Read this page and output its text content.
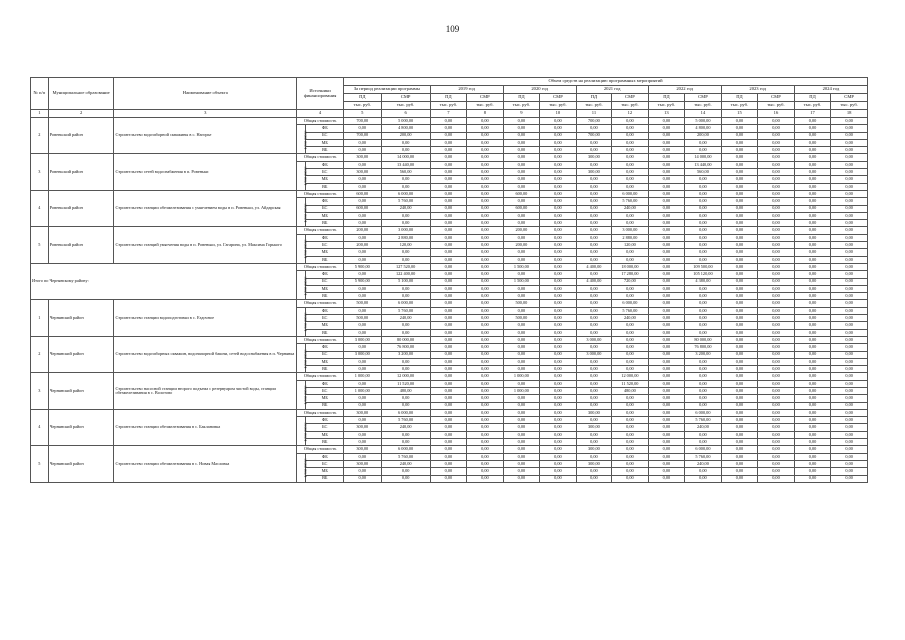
109
№ п/п	Муниципальное образование	Наименование объекта	Источники финансирования		Объем средств на реализацию программных мероприятий													
					За период реализации программы		2019 год		2020 год		2021 год		2022 год		2023 год		2024 год	
					ПД	СМР	ПД	СМР	ПД	СМР	ПД	СМР	ПД	СМР	ПД	СМР	ПД	СМР
					тыс. руб.	тыс. руб.	тыс. руб.	тыс. руб.	тыс. руб.	тыс. руб.	тыс. руб.	тыс. руб.	тыс. руб.	тыс. руб.	тыс. руб.	тыс. руб.	тыс. руб.	тыс. руб.
1	2	3	4		5	6	7	8	9	10	11	12	13	14	15	16	17	18
2	Ровеньский район	Строительство водозаборной скважины в с. Нагорье	Общая стоимость		700,00	5 000,00	0,00	0,00	0,00	0,00	700,00	0,00	0,00	5 000,00	0,00	0,00	0,00	0,00
			в том числе:	ФБ	0,00	4 800,00	0,00	0,00	0,00	0,00	0,00	0,00	0,00	4 800,00	0,00	0,00	0,00	0,00
				БС	700,00	200,00	0,00	0,00	0,00	0,00	700,00	0,00	0,00	200,00	0,00	0,00	0,00	0,00
				МБ	0,00	0,00	0,00	0,00	0,00	0,00	0,00	0,00	0,00	0,00	0,00	0,00	0,00	0,00
				ВБ	0,00	0,00	0,00	0,00	0,00	0,00	0,00	0,00	0,00	0,00	0,00	0,00	0,00	0,00
3	Ровеньский район	Строительство сетей водоснабжения в п. Ровеньки	Общая стоимость		300,00	14 000,00	0,00	0,00	0,00	0,00	300,00	0,00	0,00	14 000,00	0,00	0,00	0,00	0,00
			в том числе:	ФБ	0,00	13 440,00	0,00	0,00	0,00	0,00	0,00	0,00	0,00	13 440,00	0,00	0,00	0,00	0,00
				БС	300,00	560,00	0,00	0,00	0,00	0,00	300,00	0,00	0,00	560,00	0,00	0,00	0,00	0,00
				МБ	0,00	0,00	0,00	0,00	0,00	0,00	0,00	0,00	0,00	0,00	0,00	0,00	0,00	0,00
				ВБ	0,00	0,00	0,00	0,00	0,00	0,00	0,00	0,00	0,00	0,00	0,00	0,00	0,00	0,00
4	Ровеньский район	Строительство станции обезжелезивания с умягчением воды в п. Ровеньки, ул. Айдарская	Общая стоимость		600,00	6 000,00	0,00	0,00	600,00	0,00	0,00	6 000,00	0,00	0,00	0,00	0,00	0,00	0,00
			в том числе:	ФБ	0,00	5 760,00	0,00	0,00	0,00	0,00	0,00	5 760,00	0,00	0,00	0,00	0,00	0,00	0,00
				БС	600,00	240,00	0,00	0,00	600,00	0,00	0,00	240,00	0,00	0,00	0,00	0,00	0,00	0,00
				МБ	0,00	0,00	0,00	0,00	0,00	0,00	0,00	0,00	0,00	0,00	0,00	0,00	0,00	0,00
				ВБ	0,00	0,00	0,00	0,00	0,00	0,00	0,00	0,00	0,00	0,00	0,00	0,00	0,00	0,00
5	Ровеньский район	Строительство станций умягчения воды в п. Ровеньки, ул. Гагарина, ул. Максима Горького	Общая стоимость		200,00	3 000,00	0,00	0,00	200,00	0,00	0,00	3 000,00	0,00	0,00	0,00	0,00	0,00	0,00
			в том числе:	ФБ	0,00	2 880,00	0,00	0,00	0,00	0,00	0,00	2 880,00	0,00	0,00	0,00	0,00	0,00	0,00
				БС	200,00	120,00	0,00	0,00	200,00	0,00	0,00	120,00	0,00	0,00	0,00	0,00	0,00	0,00
				МБ	0,00	0,00	0,00	0,00	0,00	0,00	0,00	0,00	0,00	0,00	0,00	0,00	0,00	0,00
				ВБ	0,00	0,00	0,00	0,00	0,00	0,00	0,00	0,00	0,00	0,00	0,00	0,00	0,00	0,00
Итого по Чернянскому району:			Общая стоимость		5 900,00	127 520,00	0,00	0,00	1 500,00	0,00	4 400,00	18 000,00	0,00	109 500,00	0,00	0,00	0,00	0,00
			в том числе:	ФБ	0,00	122 400,00	0,00	0,00	0,00	0,00	0,00	17 280,00	0,00	105 120,00	0,00	0,00	0,00	0,00
				БС	5 900,00	5 100,00	0,00	0,00	1 500,00	0,00	4 400,00	720,00	0,00	4 380,00	0,00	0,00	0,00	0,00
				МБ	0,00	0,00	0,00	0,00	0,00	0,00	0,00	0,00	0,00	0,00	0,00	0,00	0,00	0,00
				ВБ	0,00	0,00	0,00	0,00	0,00	0,00	0,00	0,00	0,00	0,00	0,00	0,00	0,00	0,00
1	Чернянский район	Строительство станции водоподготовки в с. Ездочное	Общая стоимость		500,00	6 000,00	0,00	0,00	500,00	0,00	0,00	6 000,00	0,00	0,00	0,00	0,00	0,00	0,00
			в том числе:	ФБ	0,00	5 760,00	0,00	0,00	0,00	0,00	0,00	5 760,00	0,00	0,00	0,00	0,00	0,00	0,00
				БС	500,00	240,00	0,00	0,00	500,00	0,00	0,00	240,00	0,00	0,00	0,00	0,00	0,00	0,00
				МБ	0,00	0,00	0,00	0,00	0,00	0,00	0,00	0,00	0,00	0,00	0,00	0,00	0,00	0,00
				ВБ	0,00	0,00	0,00	0,00	0,00	0,00	0,00	0,00	0,00	0,00	0,00	0,00	0,00	0,00
2	Чернянский район	Строительство водозаборных скважин, водонапорной башни, сетей водоснабжения в п. Чернянка	Общая стоимость		3 000,00	80 000,00	0,00	0,00	0,00	0,00	3 000,00	0,00	0,00	80 000,00	0,00	0,00	0,00	0,00
			в том числе:	ФБ	0,00	76 800,00	0,00	0,00	0,00	0,00	0,00	0,00	0,00	76 800,00	0,00	0,00	0,00	0,00
				БС	3 000,00	3 200,00	0,00	0,00	0,00	0,00	3 000,00	0,00	0,00	3 200,00	0,00	0,00	0,00	0,00
				МБ	0,00	0,00	0,00	0,00	0,00	0,00	0,00	0,00	0,00	0,00	0,00	0,00	0,00	0,00
				ВБ	0,00	0,00	0,00	0,00	0,00	0,00	0,00	0,00	0,00	0,00	0,00	0,00	0,00	0,00
3	Чернянский район	Строительство насосной станции второго подъема с резервуаром чистой воды, станции обезжелезивания в с. Волотово	Общая стоимость		1 000,00	12 000,00	0,00	0,00	1 000,00	0,00	0,00	12 000,00	0,00	0,00	0,00	0,00	0,00	0,00
			в том числе:	ФБ	0,00	11 520,00	0,00	0,00	0,00	0,00	0,00	11 520,00	0,00	0,00	0,00	0,00	0,00	0,00
				БС	1 000,00	480,00	0,00	0,00	1 000,00	0,00	0,00	480,00	0,00	0,00	0,00	0,00	0,00	0,00
				МБ	0,00	0,00	0,00	0,00	0,00	0,00	0,00	0,00	0,00	0,00	0,00	0,00	0,00	0,00
				ВБ	0,00	0,00	0,00	0,00	0,00	0,00	0,00	0,00	0,00	0,00	0,00	0,00	0,00	0,00
4	Чернянский район	Строительство станции обезжелезивания в с. Баклановка	Общая стоимость		300,00	6 000,00	0,00	0,00	0,00	0,00	300,00	0,00	0,00	6 000,00	0,00	0,00	0,00	0,00
			в том числе:	ФБ	0,00	5 760,00	0,00	0,00	0,00	0,00	0,00	0,00	0,00	5 760,00	0,00	0,00	0,00	0,00
				БС	300,00	240,00	0,00	0,00	0,00	0,00	300,00	0,00	0,00	240,00	0,00	0,00	0,00	0,00
				МБ	0,00	0,00	0,00	0,00	0,00	0,00	0,00	0,00	0,00	0,00	0,00	0,00	0,00	0,00
				ВБ	0,00	0,00	0,00	0,00	0,00	0,00	0,00	0,00	0,00	0,00	0,00	0,00	0,00	0,00
5	Чернянский район	Строительство станции обезжелезивания в с. Новая Масловка	Общая стоимость		300,00	6 000,00	0,00	0,00	0,00	0,00	300,00	0,00	0,00	6 000,00	0,00	0,00	0,00	0,00
			в том числе:	ФБ	0,00	5 760,00	0,00	0,00	0,00	0,00	0,00	0,00	0,00	5 760,00	0,00	0,00	0,00	0,00
				БС	300,00	240,00	0,00	0,00	0,00	0,00	300,00	0,00	0,00	240,00	0,00	0,00	0,00	0,00
				МБ	0,00	0,00	0,00	0,00	0,00	0,00	0,00	0,00	0,00	0,00	0,00	0,00	0,00	0,00
				ВБ	0,00	0,00	0,00	0,00	0,00	0,00	0,00	0,00	0,00	0,00	0,00	0,00	0,00	0,00
